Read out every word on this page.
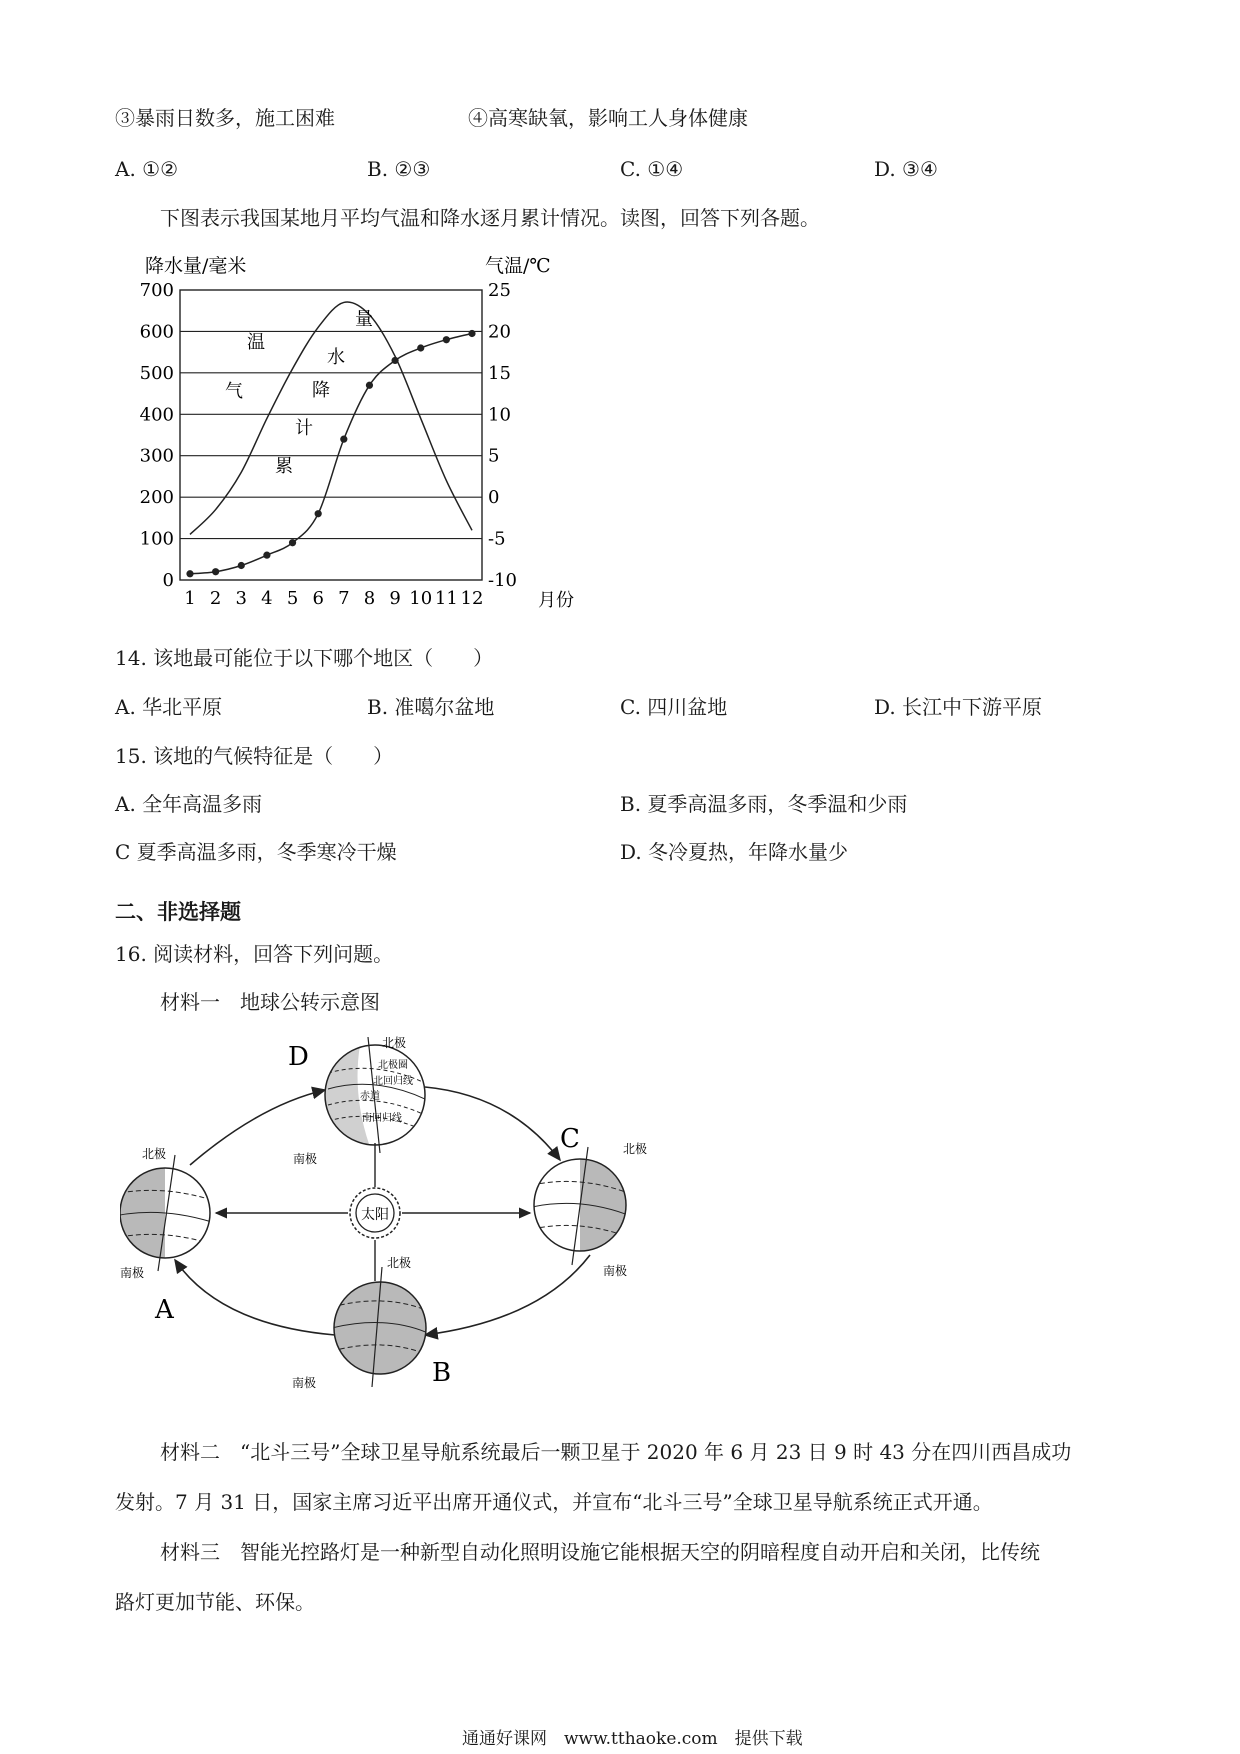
③暴雨日数多，施工困难	④高寒缺氧，影响工人身体健康
A. ①②	B. ②③	C. ①④	D. ③④
下图表示我国某地月平均气温和降水逐月累计情况。读图，回答下列各题。
降水量/毫米	气温/℃
月份
0
100
200
300
400
500
600
700
-10
-5
0
5
10
15
20
25
1 2 3 4 5 6 7 8 9 10 11 12
气
温
累
计
降
水
量
14. 该地最可能位于以下哪个地区（　　）
A. 华北平原	B. 准噶尔盆地	C. 四川盆地	D. 长江中下游平原
15. 该地的气候特征是（　　）
A. 全年高温多雨	B. 夏季高温多雨，冬季温和少雨
C 夏季高温多雨，冬季寒冷干燥	D. 冬冷夏热，年降水量少
二、非选择题
16. 阅读材料，回答下列问题。
材料一　地球公转示意图
太阳
北极
南极
A
北极
南极	B
北极
南极
C
北极
南极
北极圈
北回归线
赤道
南回归线
D
材料二　“北斗三号”全球卫星导航系统最后一颗卫星于 2020 年 6 月 23 日 9 时 43 分在四川西昌成功
发射。7 月 31 日，国家主席习近平出席开通仪式，并宣布“北斗三号”全球卫星导航系统正式开通。
材料三　智能光控路灯是一种新型自动化照明设施它能根据天空的阴暗程度自动开启和关闭，比传统
路灯更加节能、环保。
通通好课网　www.tthaoke.com　提供下载
